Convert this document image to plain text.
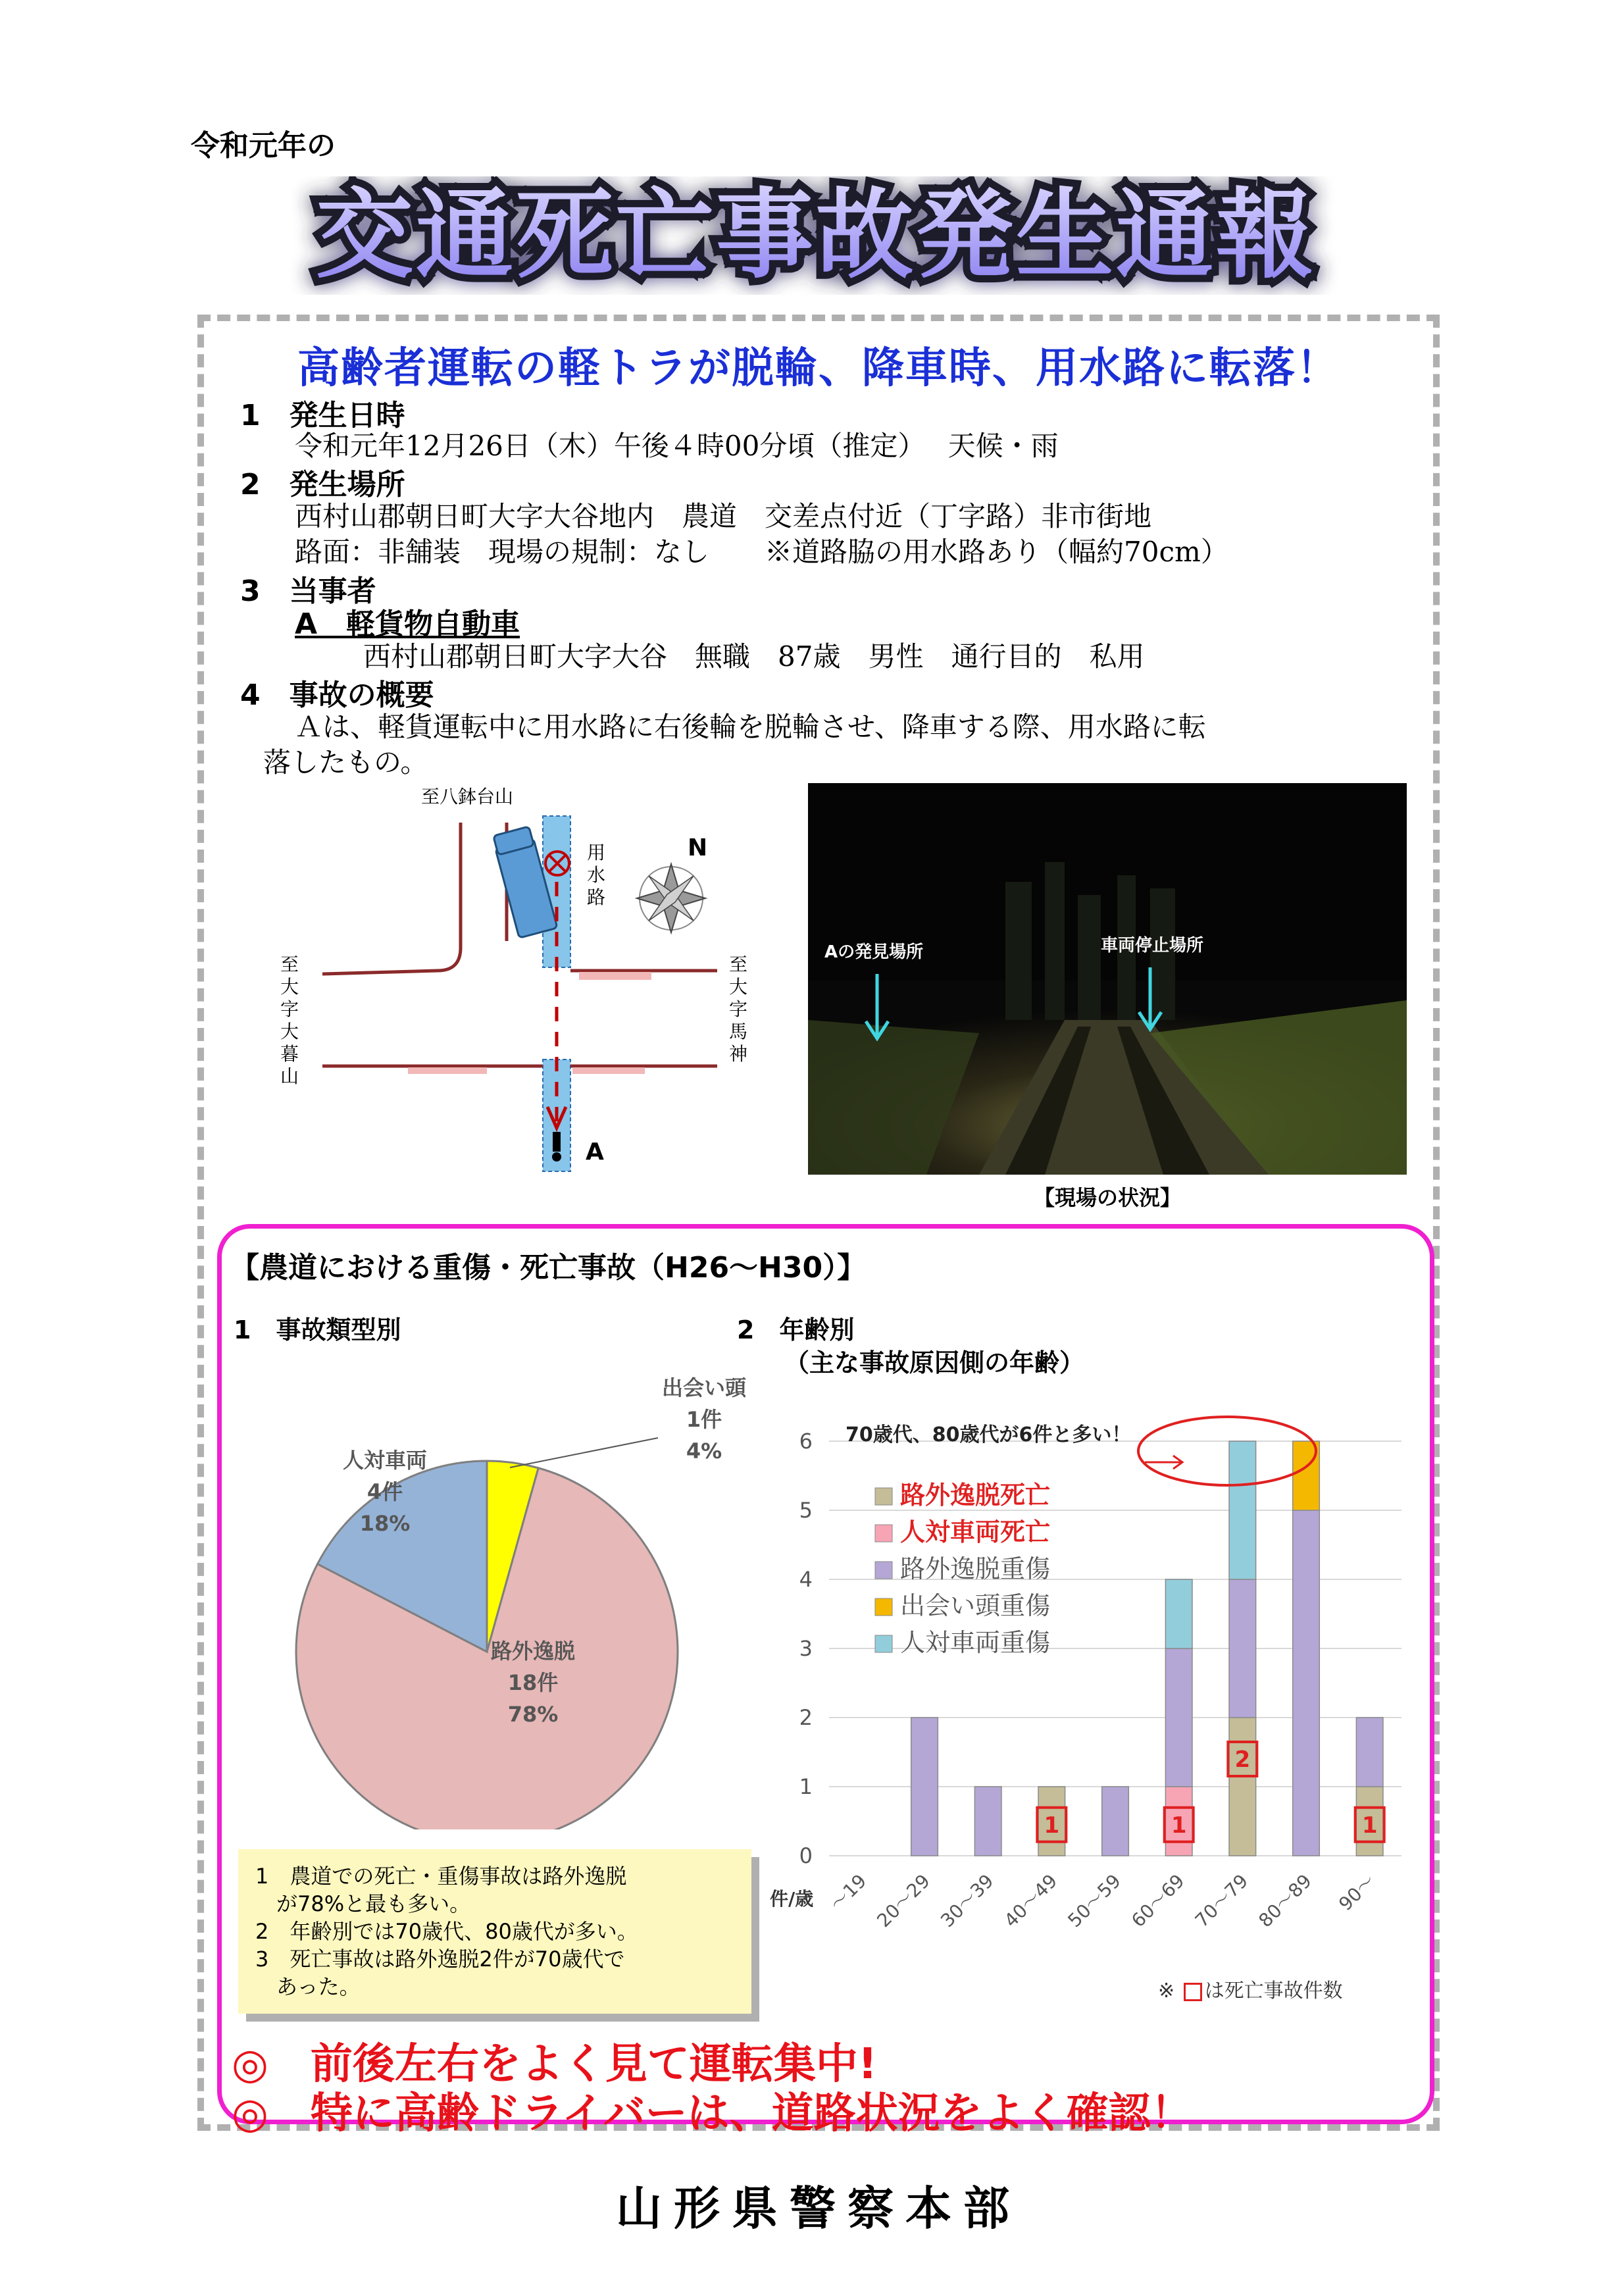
令和元年の
交通死亡事故発生通報
高齢者運転の軽トラが脱輪、降車時、用水路に転落！
1　発生日時
令和元年12月26日（木）午後４時00分頃（推定）　 天候・雨
2　発生場所
西村山郡朝日町大字大谷地内　農道　交差点付近（丁字路）非市街地
路面：非舗装　現場の規制：なし　　※道路脇の用水路あり（幅約70cm）
3　当事者
A　軽貨物自動車
西村山郡朝日町大字大谷　無職　87歳　男性　通行目的　私用
4　事故の概要
Ａは、軽貨運転中に用水路に右後輪を脱輪させ、降車する際、用水路に転
落したもの。
至八鉢台山
A
用水路
N
至大字大暮山
至大字馬神
Aの発見場所	車両停止場所
【現場の状況】
【農道における重傷・死亡事故（H26～H30）】
1　事故類型別	2　年齢別
（主な事故原因側の年齢）
出会い頭
1件
4%
路外逸脱
18件
78%
人対車両
4件
18%
0
1
2
3
4
5
6
～19 20～29 30～39
1
40～49 50～59
1
60～69
2
70～79 80～89
1
90～
件/歳
路外逸脱死亡
人対車両死亡
路外逸脱重傷
出会い頭重傷
人対車両重傷
70歳代、80歳代が6件と多い！
1　農道での死亡・重傷事故は路外逸脱
　が78%と最も多い。
2　年齢別では70歳代、80歳代が多い。
3　死亡事故は路外逸脱2件が70歳代で
　あった。	※ は死亡事故件数
◎　前後左右をよく見て運転集中!
◎　特に高齢ドライバーは、道路状況をよく確認！
山形県警察本部
